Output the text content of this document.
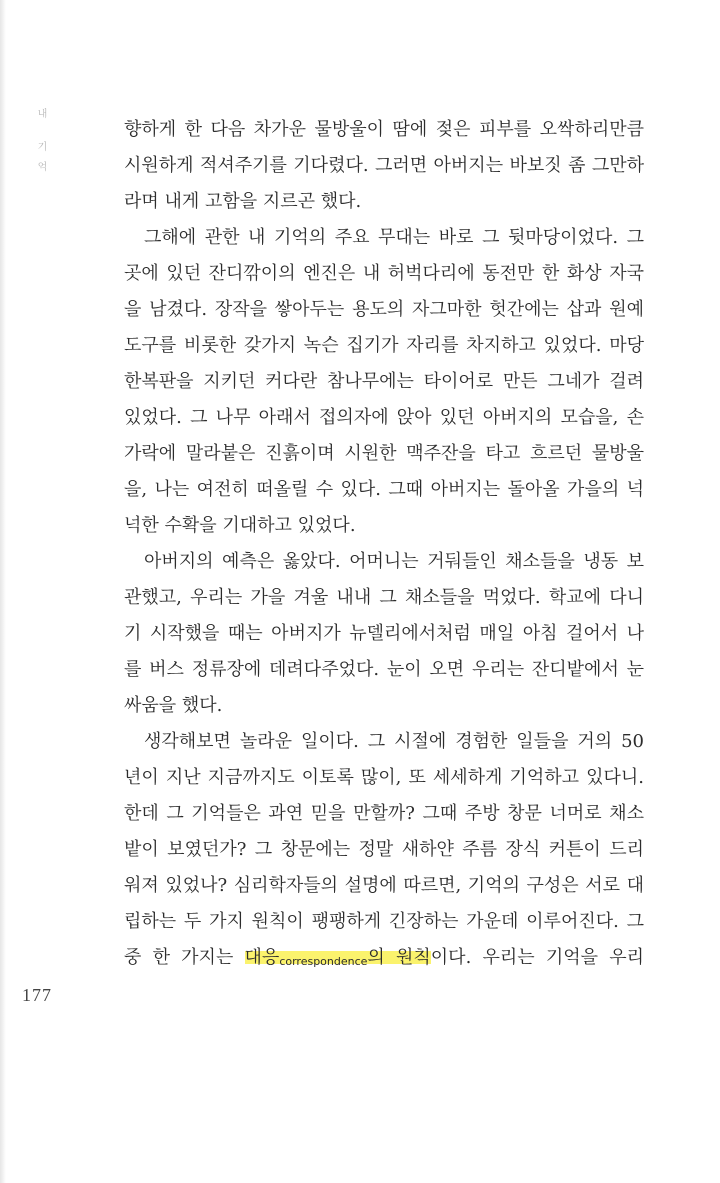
내 기억
177
향하게 한 다음 차가운 물방울이 땀에 젖은 피부를 오싹하리만큼
시원하게 적셔주기를 기다렸다. 그러면 아버지는 바보짓 좀 그만하
라며 내게 고함을 지르곤 했다.
그해에 관한 내 기억의 주요 무대는 바로 그 뒷마당이었다. 그
곳에 있던 잔디깎이의 엔진은 내 허벅다리에 동전만 한 화상 자국
을 남겼다. 장작을 쌓아두는 용도의 자그마한 헛간에는 삽과 원예
도구를 비롯한 갖가지 녹슨 집기가 자리를 차지하고 있었다. 마당
한복판을 지키던 커다란 참나무에는 타이어로 만든 그네가 걸려
있었다. 그 나무 아래서 접의자에 앉아 있던 아버지의 모습을, 손
가락에 말라붙은 진흙이며 시원한 맥주잔을 타고 흐르던 물방울
을, 나는 여전히 떠올릴 수 있다. 그때 아버지는 돌아올 가을의 넉
넉한 수확을 기대하고 있었다.
아버지의 예측은 옳았다. 어머니는 거둬들인 채소들을 냉동 보
관했고, 우리는 가을 겨울 내내 그 채소들을 먹었다. 학교에 다니
기 시작했을 때는 아버지가 뉴델리에서처럼 매일 아침 걸어서 나
를 버스 정류장에 데려다주었다. 눈이 오면 우리는 잔디밭에서 눈
싸움을 했다.
생각해보면 놀라운 일이다. 그 시절에 경험한 일들을 거의 50
년이 지난 지금까지도 이토록 많이, 또 세세하게 기억하고 있다니.
한데 그 기억들은 과연 믿을 만할까? 그때 주방 창문 너머로 채소
밭이 보였던가? 그 창문에는 정말 새하얀 주름 장식 커튼이 드리
워져 있었나? 심리학자들의 설명에 따르면, 기억의 구성은 서로 대
립하는 두 가지 원칙이 팽팽하게 긴장하는 가운데 이루어진다. 그
중 한 가지는 대응correspondence의 원칙이다. 우리는 기억을 우리
